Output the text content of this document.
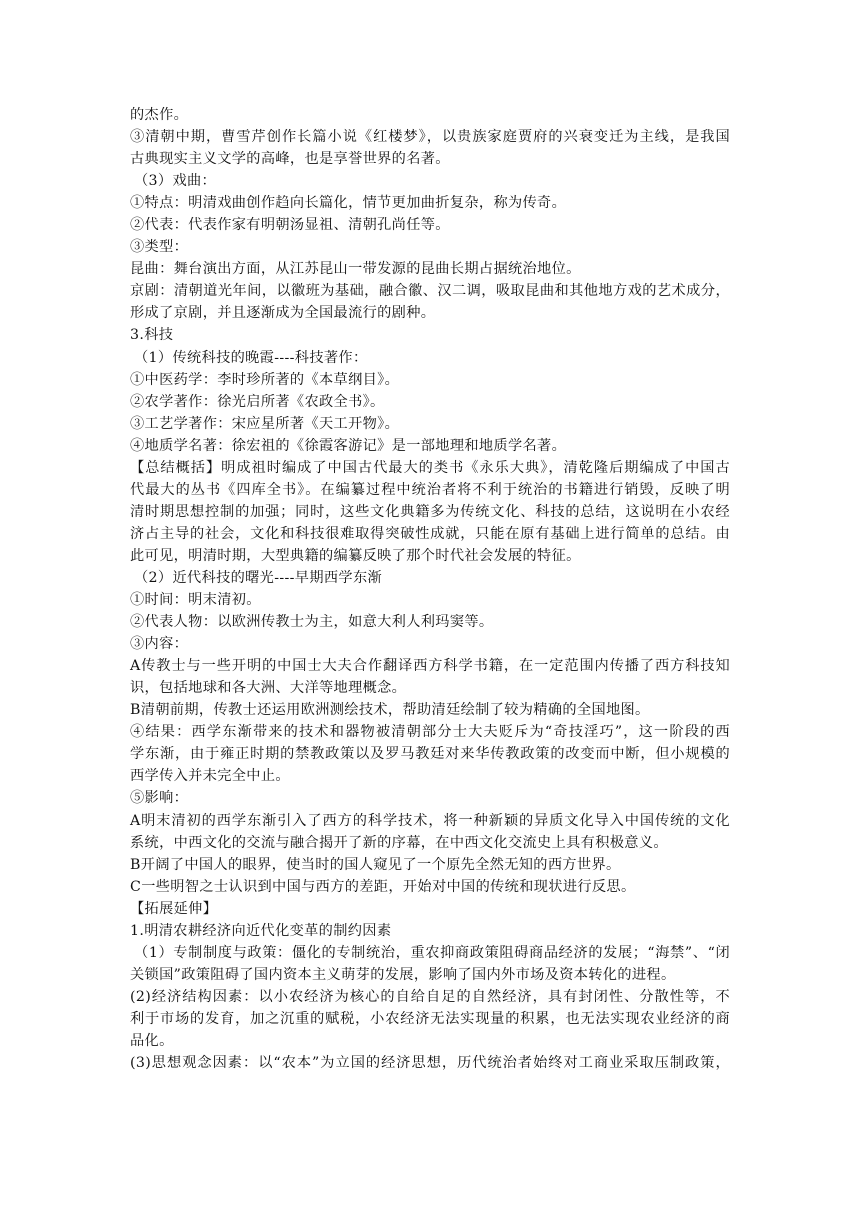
的杰作。
③清朝中期，曹雪芹创作长篇小说《红楼梦》，以贵族家庭贾府的兴衰变迁为主线，是我国
古典现实主义文学的高峰，也是享誉世界的名著。
（3）戏曲：
①特点：明清戏曲创作趋向长篇化，情节更加曲折复杂，称为传奇。
②代表：代表作家有明朝汤显祖、清朝孔尚任等。
③类型：
昆曲：舞台演出方面，从江苏昆山一带发源的昆曲长期占据统治地位。
京剧：清朝道光年间，以徽班为基础，融合徽、汉二调，吸取昆曲和其他地方戏的艺术成分，
形成了京剧，并且逐渐成为全国最流行的剧种。
3.科技
（1）传统科技的晚霞----科技著作：
①中医药学：李时珍所著的《本草纲目》。
②农学著作：徐光启所著《农政全书》。
③工艺学著作：宋应星所著《天工开物》。
④地质学名著：徐宏祖的《徐霞客游记》是一部地理和地质学名著。
【总结概括】明成祖时编成了中国古代最大的类书《永乐大典》，清乾隆后期编成了中国古
代最大的丛书《四库全书》。在编纂过程中统治者将不利于统治的书籍进行销毁，反映了明
清时期思想控制的加强；同时，这些文化典籍多为传统文化、科技的总结，这说明在小农经
济占主导的社会，文化和科技很难取得突破性成就，只能在原有基础上进行简单的总结。由
此可见，明清时期，大型典籍的编纂反映了那个时代社会发展的特征。
（2）近代科技的曙光----早期西学东渐
①时间：明末清初。
②代表人物：以欧洲传教士为主，如意大利人利玛窦等。
③内容：
A传教士与一些开明的中国士大夫合作翻译西方科学书籍，在一定范围内传播了西方科技知
识，包括地球和各大洲、大洋等地理概念。
B清朝前期，传教士还运用欧洲测绘技术，帮助清廷绘制了较为精确的全国地图。
④结果：西学东渐带来的技术和器物被清朝部分士大夫贬斥为“奇技淫巧”，这一阶段的西
学东渐，由于雍正时期的禁教政策以及罗马教廷对来华传教政策的改变而中断，但小规模的
西学传入并未完全中止。
⑤影响：
A明末清初的西学东渐引入了西方的科学技术，将一种新颖的异质文化导入中国传统的文化
系统，中西文化的交流与融合揭开了新的序幕，在中西文化交流史上具有积极意义。
B开阔了中国人的眼界，使当时的国人窥见了一个原先全然无知的西方世界。
C一些明智之士认识到中国与西方的差距，开始对中国的传统和现状进行反思。
【拓展延伸】
1.明清农耕经济向近代化变革的制约因素
（1）专制制度与政策：僵化的专制统治，重农抑商政策阻碍商品经济的发展；“海禁”、“闭
关锁国”政策阻碍了国内资本主义萌芽的发展，影响了国内外市场及资本转化的进程。
(2)经济结构因素：以小农经济为核心的自给自足的自然经济，具有封闭性、分散性等，不
利于市场的发育，加之沉重的赋税，小农经济无法实现量的积累，也无法实现农业经济的商
品化。
(3)思想观念因素：以“农本”为立国的经济思想，历代统治者始终对工商业采取压制政策，
